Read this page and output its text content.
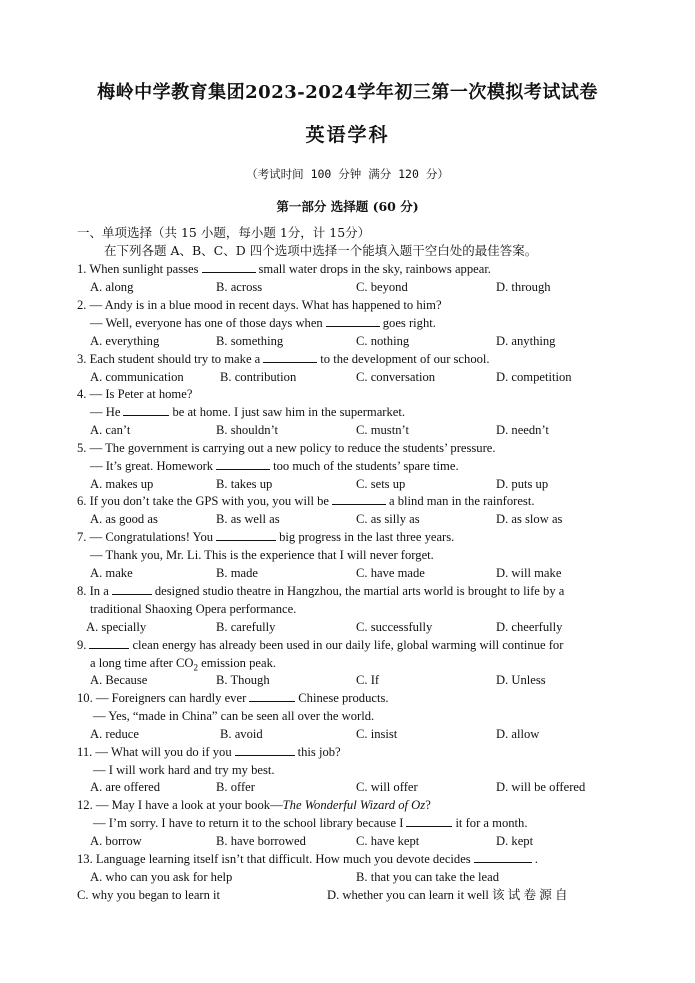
梅岭中学教育集团2023-2024学年初三第一次模拟考试试卷
英语学科
（考试时间 100 分钟 满分 120 分）
第一部分 选择题 (60 分)
一、单项选择（共 15 小题，每小题 1分，计 15分）
在下列各题 A、B、C、D 四个选项中选择一个能填入题干空白处的最佳答案。
1. When sunlight passes	small water drops in the sky, rainbows appear.
A. along	B. across	C. beyond	D. through
2. — Andy is in a blue mood in recent days. What has happened to him?
— Well, everyone has one of those days when	goes right.
A. everything	B. something	C. nothing	D. anything
3. Each student should try to make a	to the development of our school.
A. communication	B. contribution	C. conversation	D. competition
4. — Is Peter at home?
— He	be at home. I just saw him in the supermarket.
A. can’t	B. shouldn’t	C. mustn’t	D. needn’t
5. — The government is carrying out a new policy to reduce the students’ pressure.
— It’s great. Homework	too much of the students’ spare time.
A. makes up	B. takes up	C. sets up	D. puts up
6. If you don’t take the GPS with you, you will be	a blind man in the rainforest.
A. as good as	B. as well as	C. as silly as	D. as slow as
7. — Congratulations! You	big progress in the last three years.
— Thank you, Mr. Li. This is the experience that I will never forget.
A. make	B. made	C. have made	D. will make
8. In a	designed studio theatre in Hangzhou, the martial arts world is brought to life by a
traditional Shaoxing Opera performance.
A. specially	B. carefully	C. successfully	D. cheerfully
9.	clean energy has already been used in our daily life, global warming will continue for
a long time after $CO_2$ emission peak.
A. Because	B. Though	C. If	D. Unless
10. — Foreigners can hardly ever	Chinese products.
— Yes, “made in China” can be seen all over the world.
A. reduce	B. avoid	C. insist	D. allow
11. — What will you do if you	this job?
— I will work hard and try my best.
A. are offered	B. offer	C. will offer	D. will be offered
12. — May I have a look at your book—The Wonderful Wizard of Oz?
— I’m sorry. I have to return it to the school library because I	it for a month.
A. borrow	B. have borrowed	C. have kept	D. kept
13. Language learning itself isn’t that difficult. How much you devote decides	.
A. who can you ask for help	B. that you can take the lead
C. why you began to learn it	D. whether you can learn it well 该 试 卷 源 自
